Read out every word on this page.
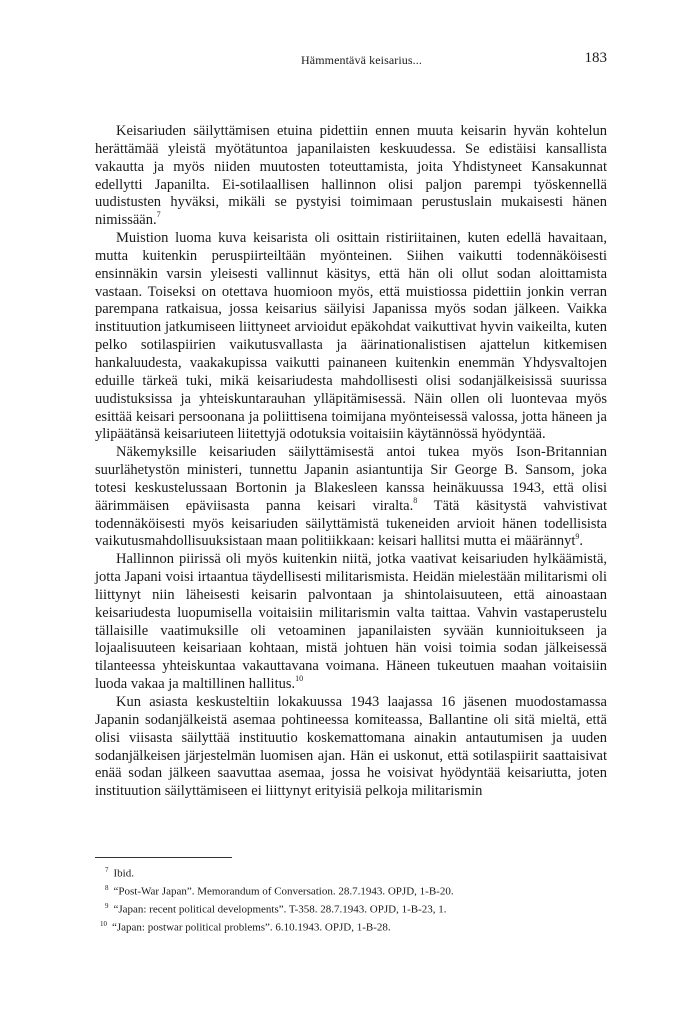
Hämmentävä keisarius...	183

Keisariuden säilyttämisen etuina pidettiin ennen muuta keisarin hyvän kohtelun herättämää yleistä myötätuntoa japanilaisten keskuudessa. Se edistäisi kansallista vakautta ja myös niiden muutosten toteuttamista, joita Yhdistyneet Kansakunnat edellytti Japanilta. Ei-sotilaallisen hallinnon olisi paljon parempi työskennellä uudistusten hyväksi, mikäli se pystyisi toimimaan perustuslain mukaisesti hänen nimissään.$^7$

Muistion luoma kuva keisarista oli osittain ristiriitainen, kuten edellä havaitaan, mutta kuitenkin peruspiirteiltään myönteinen. Siihen vaikutti todennäköisesti ensinnäkin varsin yleisesti vallinnut käsitys, että hän oli ollut sodan aloittamista vastaan. Toiseksi on otettava huomioon myös, että muistiossa pidettiin jonkin verran parempana ratkaisua, jossa keisarius säilyisi Japanissa myös sodan jälkeen. Vaikka instituution jatkumiseen liittyneet arvioidut epäkohdat vaikuttivat hyvin vaikeilta, kuten pelko sotilaspiirien vaikutusvallasta ja äärinationalistisen ajattelun kitkemisen hankaluudesta, vaakakupissa vaikutti painaneen kuitenkin enemmän Yhdysvaltojen eduille tärkeä tuki, mikä keisariudesta mahdollisesti olisi sodanjälkeisissä suurissa uudistuksissa ja yhteiskuntarauhan ylläpitämisessä. Näin ollen oli luontevaa myös esittää keisari persoonana ja poliittisena toimijana myönteisessä valossa, jotta häneen ja ylipäätänsä keisariuteen liitettyjä odotuksia voitaisiin käytännössä hyödyntää.

Näkemyksille keisariuden säilyttämisestä antoi tukea myös Ison-Britannian suurlähetystön ministeri, tunnettu Japanin asiantuntija Sir George B. Sansom, joka totesi keskustelussaan Bortonin ja Blakesleen kanssa heinäkuussa 1943, että olisi äärimmäisen epäviisasta panna keisari viralta.$^8$ Tätä käsitystä vahvistivat todennäköisesti myös keisariuden säilyttämistä tukeneiden arvioit hänen todellisista vaikutusmahdollisuuksistaan maan politiikkaan: keisari hallitsi mutta ei määrännyt$^9$.

Hallinnon piirissä oli myös kuitenkin niitä, jotka vaativat keisariuden hylkäämistä, jotta Japani voisi irtaantua täydellisesti militarismista. Heidän mielestään militarismi oli liittynyt niin läheisesti keisarin palvontaan ja shintolaisuuteen, että ainoastaan keisariudesta luopumisella voitaisiin militarismin valta taittaa. Vahvin vastaperustelu tällaisille vaatimuksille oli vetoaminen japanilaisten syvään kunnioitukseen ja lojaalisuuteen keisariaan kohtaan, mistä johtuen hän voisi toimia sodan jälkeisessä tilanteessa yhteiskuntaa vakauttavana voimana. Häneen tukeutuen maahan voitaisiin luoda vakaa ja maltillinen hallitus.$^{10}$

Kun asiasta keskusteltiin lokakuussa 1943 laajassa 16 jäsenen muodostamassa Japanin sodanjälkeistä asemaa pohtineessa komiteassa, Ballantine oli sitä mieltä, että olisi viisasta säilyttää instituutio koskemattomana ainakin antautumisen ja uuden sodanjälkeisen järjestelmän luomisen ajan. Hän ei uskonut, että sotilaspiirit saattaisivat enää sodan jälkeen saavuttaa asemaa, jossa he voisivat hyödyntää keisariutta, joten instituution säilyttämiseen ei liittynyt erityisiä pelkoja militarismin

$^7$ Ibid.
$^8$ “Post-War Japan”. Memorandum of Conversation. 28.7.1943. OPJD, 1-B-20.
$^9$ “Japan: recent political developments”. T-358. 28.7.1943. OPJD, 1-B-23, 1.
$^{10}$ “Japan: postwar political problems”. 6.10.1943. OPJD, 1-B-28.
